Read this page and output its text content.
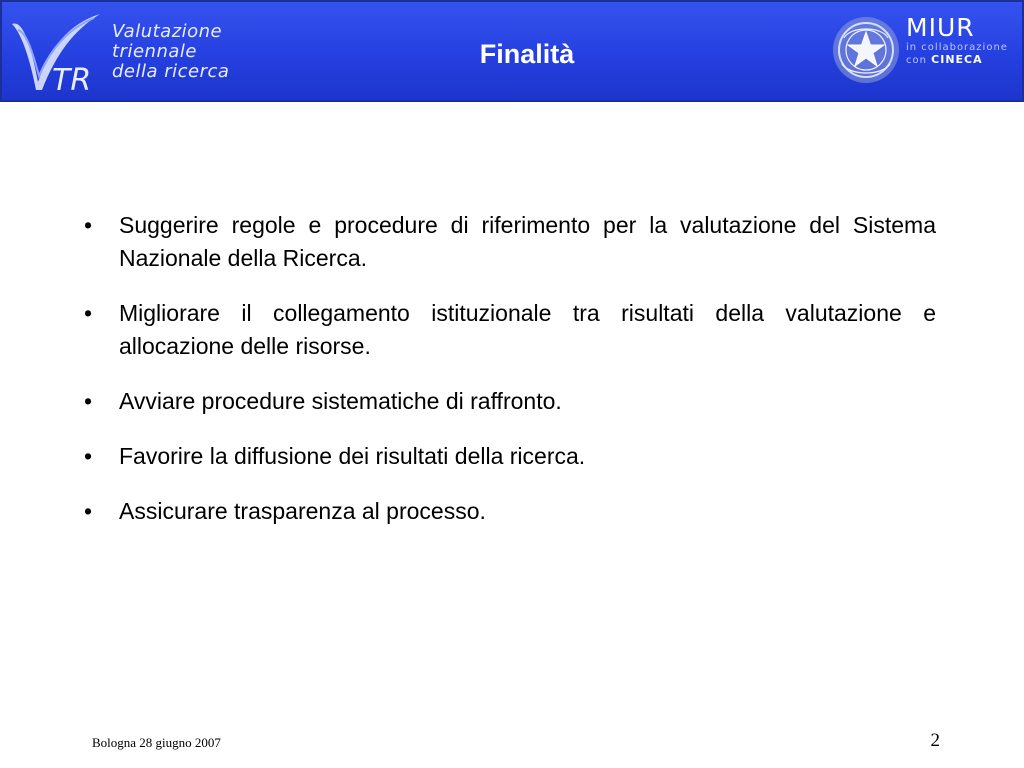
TR
Valutazione
triennale
della ricerca
Finalità
MIUR
in collaborazione
con CINECA
• Suggerire regole e procedure di riferimento per la valutazione del Sistema Nazionale della Ricerca.
• Migliorare il collegamento istituzionale tra risultati della valutazione e allocazione delle risorse.
• Avviare procedure sistematiche di raffronto.
• Favorire la diffusione dei risultati della ricerca.
• Assicurare trasparenza al processo.
Bologna 28 giugno 2007	2
